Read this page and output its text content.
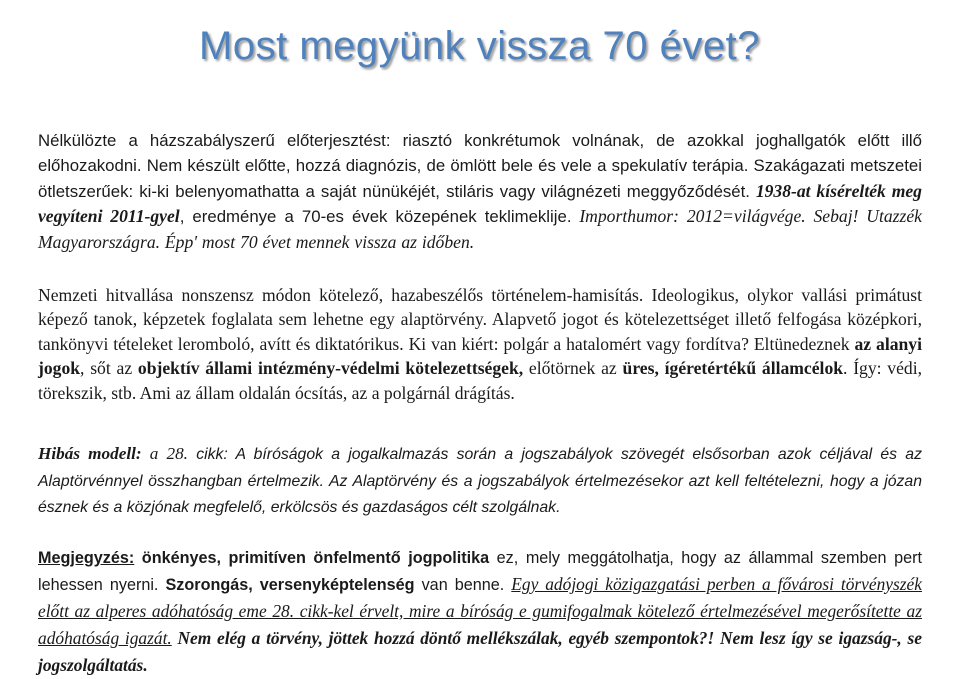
Most megyünk vissza 70 évet?

Nélkülözte a házszabályszerű előterjesztést: riasztó konkrétumok volnának, de azokkal joghallgatók előtt illő előhozakodni. Nem készült előtte, hozzá diagnózis, de ömlött bele és vele a spekulatív terápia. Szakágazati metszetei ötletszerűek: ki-ki belenyomathatta a saját nünükéjét, stiláris vagy világnézeti meggyőződését. 1938-at kísérelték meg vegyíteni 2011-gyel, eredménye a 70-es évek közepének teklimeklije. Importhumor: 2012=világvége. Sebaj! Utazzék Magyarországra. Épp' most 70 évet mennek vissza az időben.

Nemzeti hitvallása nonszensz módon kötelező, hazabeszélős történelem-hamisítás. Ideologikus, olykor vallási primátust képező tanok, képzetek foglalata sem lehetne egy alaptörvény. Alapvető jogot és kötelezettséget illető felfogása középkori, tankönyvi tételeket leromboló, avítt és diktatórikus. Ki van kiért: polgár a hatalomért vagy fordítva? Eltünedeznek az alanyi jogok, sőt az objektív állami intézmény-védelmi kötelezettségek, előtörnek az üres, ígéretértékű államcélok. Így: védi, törekszik, stb. Ami az állam oldalán ócsítás, az a polgárnál drágítás.

Hibás modell: a 28. cikk: A bíróságok a jogalkalmazás során a jogszabályok szövegét elsősorban azok céljával és az Alaptörvénnyel összhangban értelmezik. Az Alaptörvény és a jogszabályok értelmezésekor azt kell feltételezni, hogy a józan észnek és a közjónak megfelelő, erkölcsös és gazdaságos célt szolgálnak.

Megjegyzés: önkényes, primitíven önfelmentő jogpolitika ez, mely meggátolhatja, hogy az állammal szemben pert lehessen nyerni. Szorongás, versenyképtelenség van benne. Egy adójogi közigazgatási perben a fővárosi törvényszék előtt az alperes adóhatóság eme 28. cikk-kel érvelt, mire a bíróság e gumifogalmak kötelező értelmezésével megerősítette az adóhatóság igazát. Nem elég a törvény, jöttek hozzá döntő mellékszálak, egyéb szempontok?! Nem lesz így se igazság-, se jogszolgáltatás.
